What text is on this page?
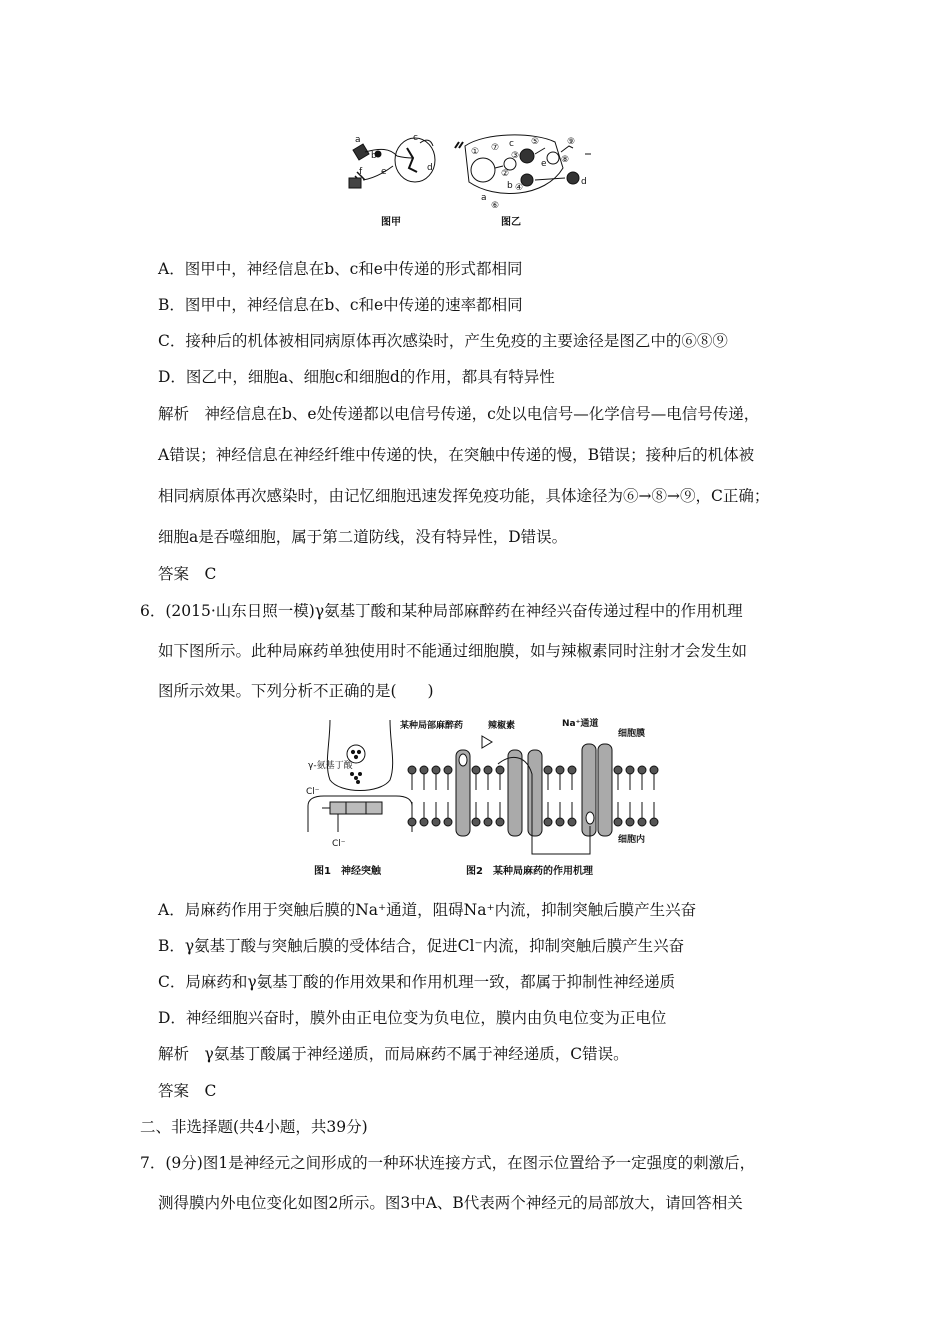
a
b
c
d
e
f
①
②
③
④
⑤
⑥
⑦
⑧
⑨
a
b
c
d
e
图甲	图乙
A．图甲中，神经信息在b、c和e中传递的形式都相同
B．图甲中，神经信息在b、c和e中传递的速率都相同
C．接种后的机体被相同病原体再次感染时，产生免疫的主要途径是图乙中的⑥⑧⑨
D．图乙中，细胞a、细胞c和细胞d的作用，都具有特异性
解析　神经信息在b、e处传递都以电信号传递，c处以电信号—化学信号—电信号传递，
A错误；神经信息在神经纤维中传递的快，在突触中传递的慢，B错误；接种后的机体被
相同病原体再次感染时，由记忆细胞迅速发挥免疫功能，具体途径为⑥→⑧→⑨，C正确；
细胞a是吞噬细胞，属于第二道防线，没有特异性，D错误。
答案　C
6．(2015·山东日照一模)γ氨基丁酸和某种局部麻醉药在神经兴奋传递过程中的作用机理
如下图所示。此种局麻药单独使用时不能通过细胞膜，如与辣椒素同时注射才会发生如
图所示效果。下列分析不正确的是(　　)
γ-氨基丁酸
Cl⁻
Cl⁻
图1　神经突触
某种局部麻醉药	辣椒素	Na⁺通道
细胞膜
细胞内
图2　某种局麻药的作用机理
A．局麻药作用于突触后膜的Na⁺通道，阻碍Na⁺内流，抑制突触后膜产生兴奋
B．γ氨基丁酸与突触后膜的受体结合，促进Cl⁻内流，抑制突触后膜产生兴奋
C．局麻药和γ氨基丁酸的作用效果和作用机理一致，都属于抑制性神经递质
D．神经细胞兴奋时，膜外由正电位变为负电位，膜内由负电位变为正电位
解析　γ氨基丁酸属于神经递质，而局麻药不属于神经递质，C错误。
答案　C
二、非选择题(共4小题，共39分)
7．(9分)图1是神经元之间形成的一种环状连接方式，在图示位置给予一定强度的刺激后，
测得膜内外电位变化如图2所示。图3中A、B代表两个神经元的局部放大，请回答相关
